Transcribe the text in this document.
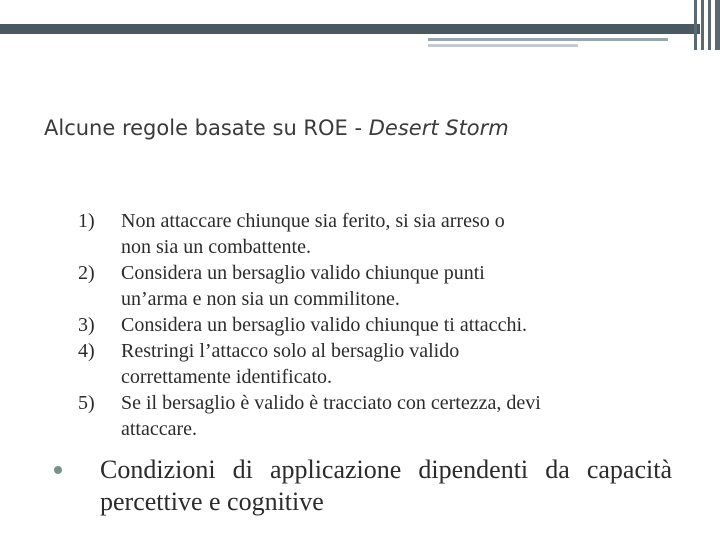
Alcune regole basate su ROE - Desert Storm
1)	Non attaccare chiunque sia ferito, si sia arreso o
non sia un combattente.
2)	Considera un bersaglio valido chiunque punti
un’arma e non sia un commilitone.
3)	Considera un bersaglio valido chiunque ti attacchi.
4)	Restringi l’attacco solo al bersaglio valido
correttamente identificato.
5)	Se il bersaglio è valido è tracciato con certezza, devi
attaccare.
Condizioni di applicazione dipendenti da capacità percettive e cognitive
